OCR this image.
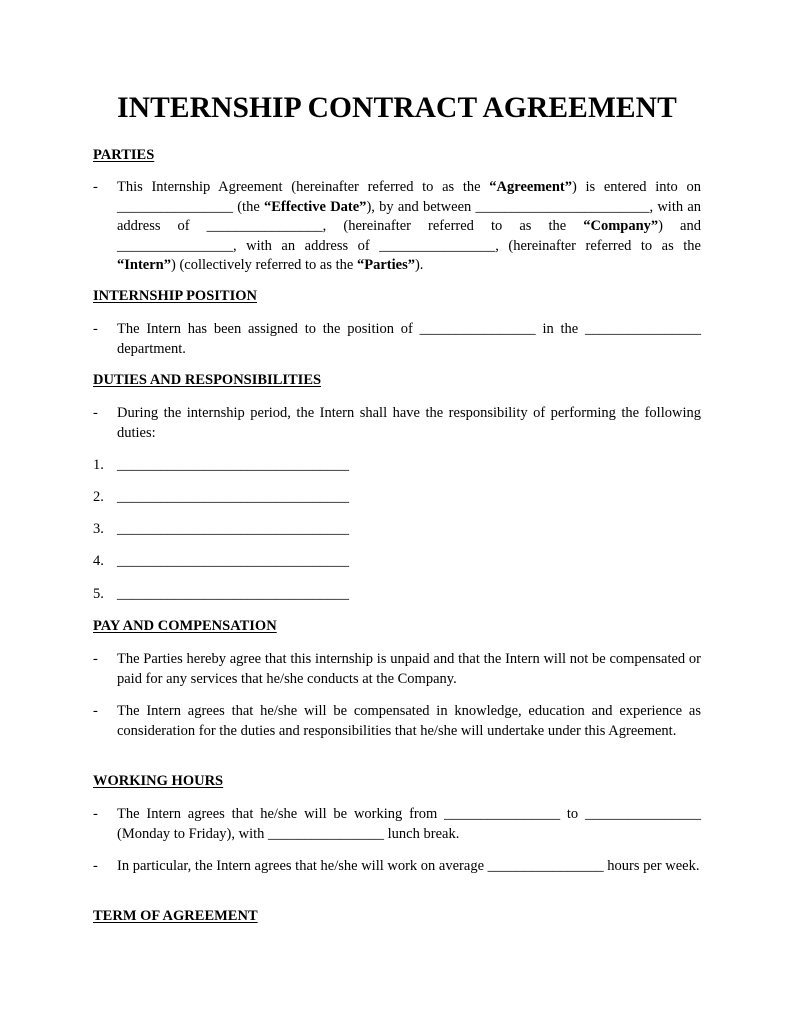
INTERNSHIP CONTRACT AGREEMENT
PARTIES
-	This Internship Agreement (hereinafter referred to as the “Agreement”) is entered into on ________________ (the “Effective Date”), by and between ________________________, with an address of ________________, (hereinafter referred to as the “Company”) and ________________, with an address of ________________, (hereinafter referred to as the “Intern”) (collectively referred to as the “Parties”).
INTERNSHIP POSITION
-	The Intern has been assigned to the position of ________________ in the ________________ department.
DUTIES AND RESPONSIBILITIES
-	During the internship period, the Intern shall have the responsibility of performing the following duties:
1. ________________________________
2. ________________________________
3. ________________________________
4. ________________________________
5. ________________________________
PAY AND COMPENSATION
-	The Parties hereby agree that this internship is unpaid and that the Intern will not be compensated or paid for any services that he/she conducts at the Company.
-	The Intern agrees that he/she will be compensated in knowledge, education and experience as consideration for the duties and responsibilities that he/she will undertake under this Agreement.
WORKING HOURS
-	The Intern agrees that he/she will be working from ________________ to ________________ (Monday to Friday), with ________________ lunch break.
-	In particular, the Intern agrees that he/she will work on average ________________ hours per week.
TERM OF AGREEMENT
